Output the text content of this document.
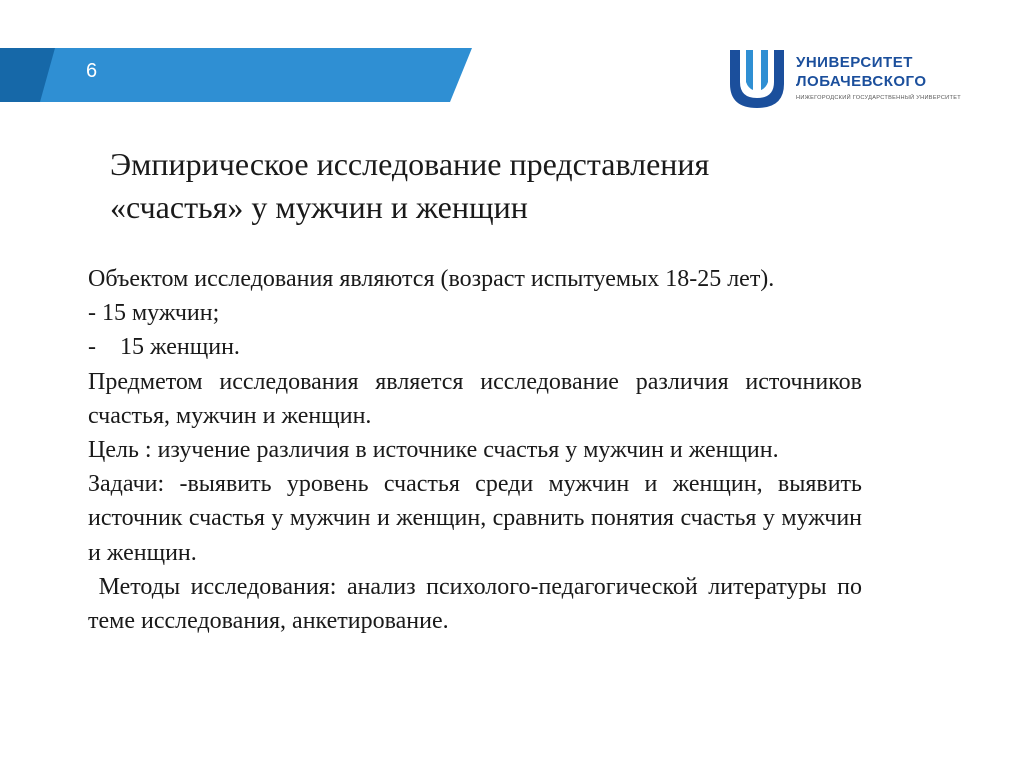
6	УНИВЕРСИТЕТ
ЛОБАЧЕВСКОГО
НИЖЕГОРОДСКИЙ ГОСУДАРСТВЕННЫЙ УНИВЕРСИТЕТ
Эмпирическое исследование представления
«счастья» у мужчин и женщин

Объектом исследования являются (возраст испытуемых 18-25 лет).

- 15 мужчин;

-    15 женщин.

Предметом исследования является исследование различия источников счастья, мужчин и женщин.

Цель : изучение различия в источнике счастья у мужчин и женщин.

Задачи: -выявить уровень счастья среди мужчин и женщин, выявить источник счастья у мужчин и женщин, сравнить понятия счастья у мужчин и женщин.

Методы исследования: анализ психолого-педагогической литературы по теме исследования, анкетирование.
